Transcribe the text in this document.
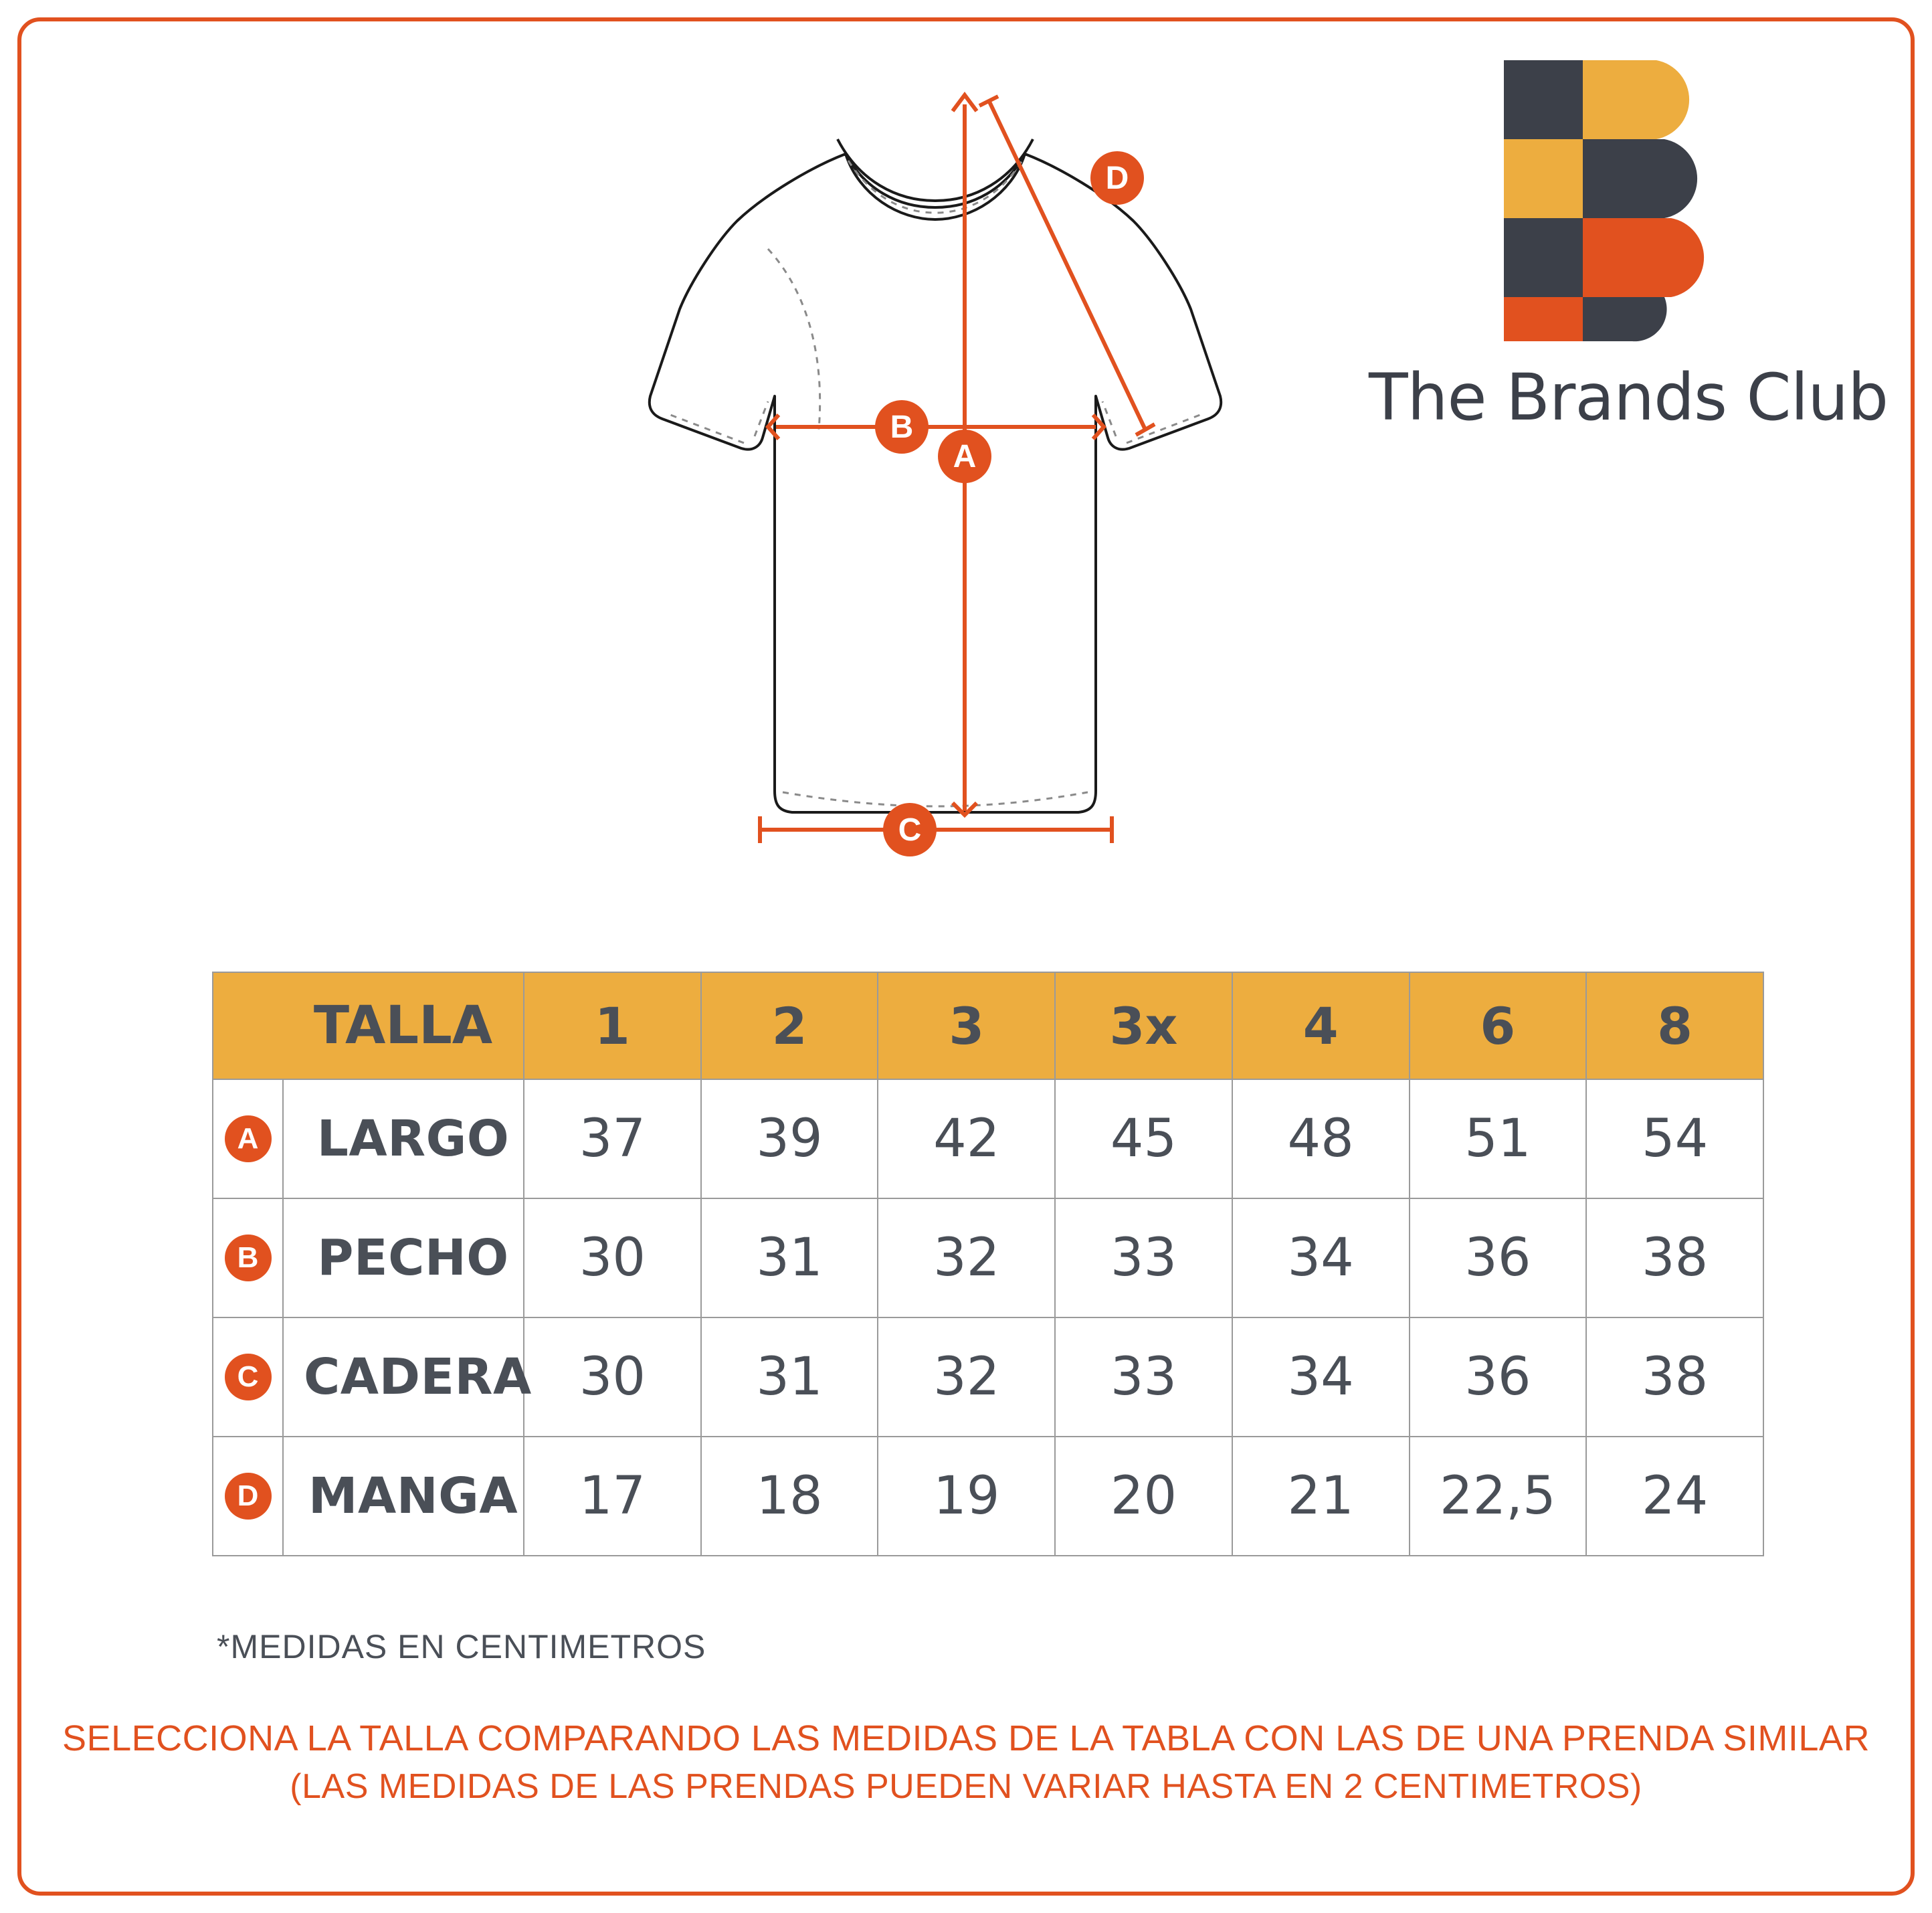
The Brands Club
A
B
C
D
	TALLA	1	2	3	3x	4	6	8

A	LARGO	37	39	42	45	48	51	54

B	PECHO	30	31	32	33	34	36	38

C	CADERA	30	31	32	33	34	36	38

D	MANGA	17	18	19	20	21	22,5	24
*MEDIDAS EN CENTIMETROS
SELECCIONA LA TALLA COMPARANDO LAS MEDIDAS DE LA TABLA CON LAS DE UNA PRENDA SIMILAR
(LAS MEDIDAS DE LAS PRENDAS PUEDEN VARIAR HASTA EN 2 CENTIMETROS)
